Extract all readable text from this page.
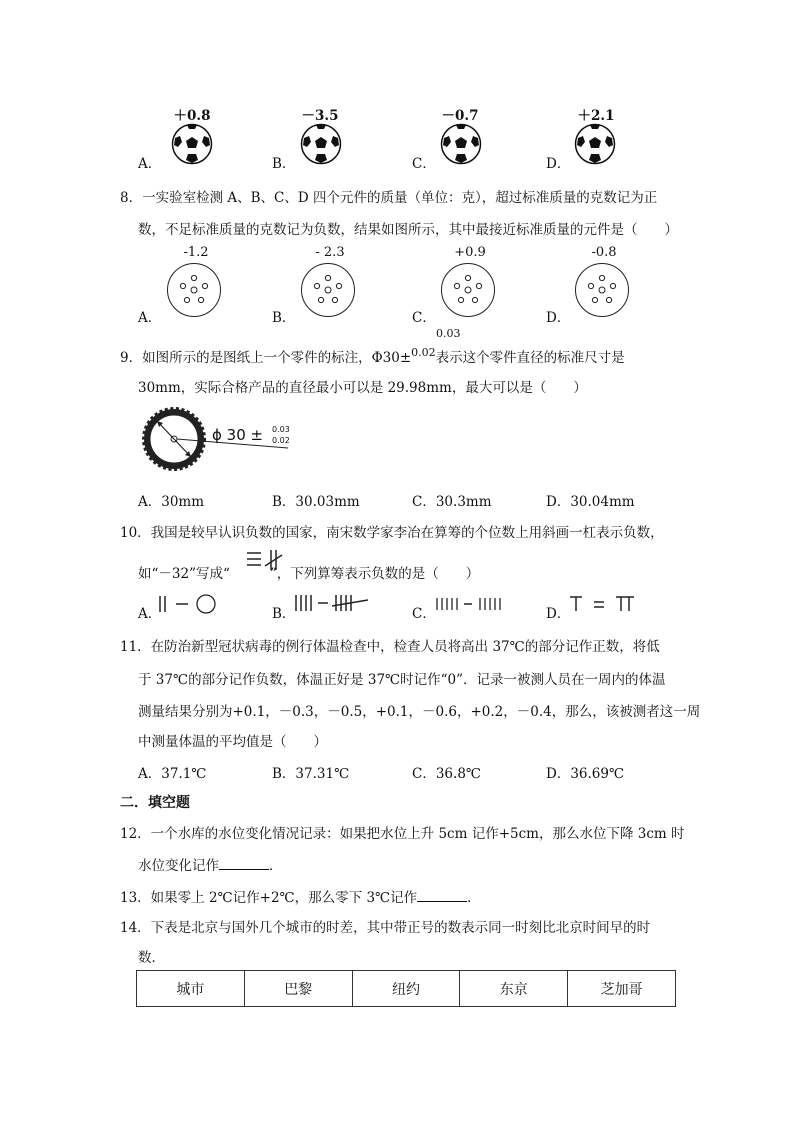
A．
＋0.8
B．
－3.5
C．
－0.7
D．
＋2.1
8．一实验室检测 A、B、C、D 四个元件的质量（单位：克），超过标准质量的克数记为正
数，不足标准质量的克数记为负数，结果如图所示，其中最接近标准质量的元件是（　　）
A．
-1.2
B．
- 2.3
C．
+0.9
D．
-0.8
0.03
9．如图所示的是图纸上一个零件的标注，Φ30±$^{0.02}$表示这个零件直径的标准尺寸是
30mm，实际合格产品的直径最小可以是 29.98mm，最大可以是（　　）
ϕ 30 ± 0.03
0.02
A．30mm	B．30.03mm	C．30.3mm	D．30.04mm
10．我国是较早认识负数的国家，南宋数学家李冶在算筹的个位数上用斜画一杠表示负数，
如“－32”写成“	”，下列算筹表示负数的是（　　）
A．	B．	C．	D．
11．在防治新型冠状病毒的例行体温检查中，检查人员将高出 37℃的部分记作正数，将低
于 37℃的部分记作负数，体温正好是 37℃时记作“0”．记录一被测人员在一周内的体温
测量结果分别为+0.1，－0.3，－0.5，+0.1，－0.6，+0.2，－0.4，那么，该被测者这一周
中测量体温的平均值是（　　）
A．37.1℃	B．37.31℃	C．36.8℃	D．36.69℃
二．填空题
12．一个水库的水位变化情况记录：如果把水位上升 5cm 记作+5cm，那么水位下降 3cm 时
水位变化记作	．
13．如果零上 2℃记作+2℃，那么零下 3℃记作	．
14．下表是北京与国外几个城市的时差，其中带正号的数表示同一时刻比北京时间早的时
数．
城市	巴黎	纽约	东京	芝加哥
